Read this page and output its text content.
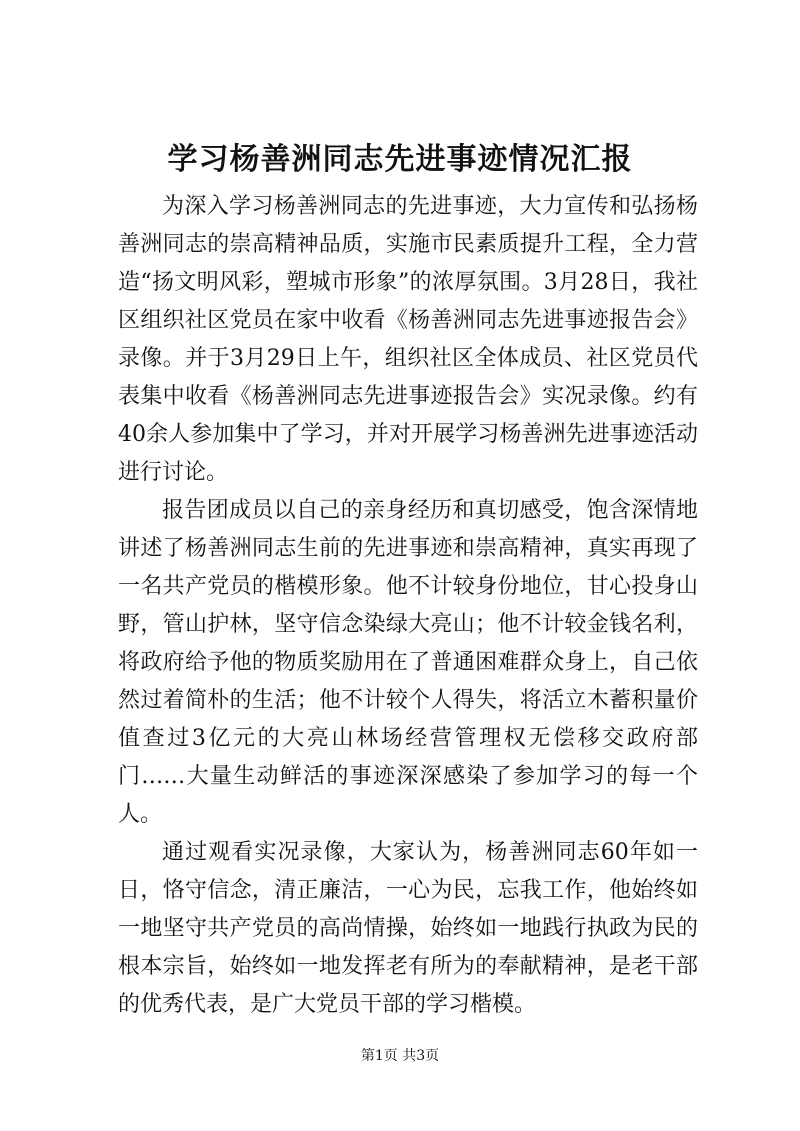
学习杨善洲同志先进事迹情况汇报

为深入学习杨善洲同志的先进事迹，大力宣传和弘扬杨善洲同志的崇高精神品质，实施市民素质提升工程，全力营造“扬文明风彩，塑城市形象”的浓厚氛围。3月28日，我社区组织社区党员在家中收看《杨善洲同志先进事迹报告会》录像。并于3月29日上午，组织社区全体成员、社区党员代表集中收看《杨善洲同志先进事迹报告会》实况录像。约有40余人参加集中了学习，并对开展学习杨善洲先进事迹活动进行讨论。

报告团成员以自己的亲身经历和真切感受，饱含深情地讲述了杨善洲同志生前的先进事迹和崇高精神，真实再现了一名共产党员的楷模形象。他不计较身份地位，甘心投身山野，管山护林，坚守信念染绿大亮山；他不计较金钱名利，将政府给予他的物质奖励用在了普通困难群众身上，自己依然过着简朴的生活；他不计较个人得失，将活立木蓄积量价值查过3亿元的大亮山林场经营管理权无偿移交政府部门……大量生动鲜活的事迹深深感染了参加学习的每一个人。

通过观看实况录像，大家认为，杨善洲同志60年如一日，恪守信念，清正廉洁，一心为民，忘我工作，他始终如一地坚守共产党员的高尚情操，始终如一地践行执政为民的根本宗旨，始终如一地发挥老有所为的奉献精神，是老干部的优秀代表，是广大党员干部的学习楷模。

第1页 共3页
